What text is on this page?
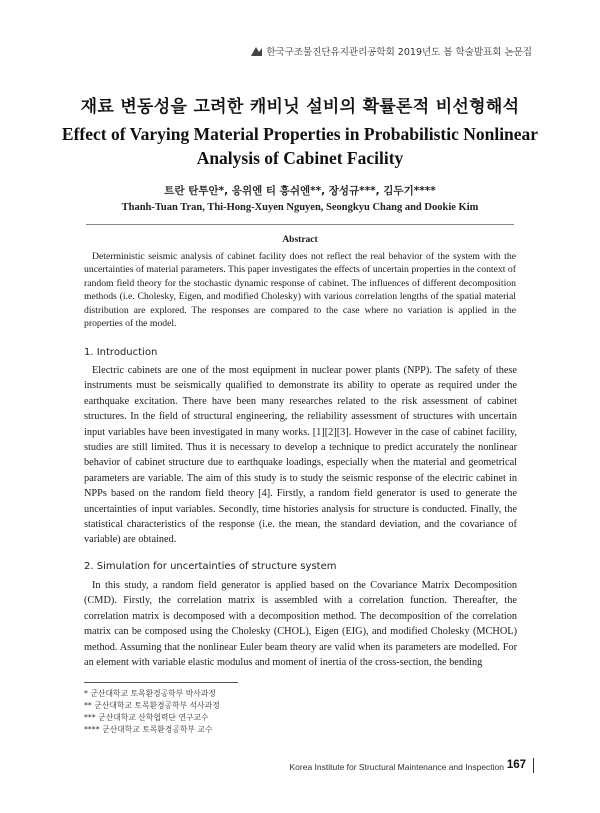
한국구조물진단유지관리공학회 2019년도 봄 학술발표회 논문집
재료 변동성을 고려한 캐비닛 설비의 확률론적 비선형해석
Effect of Varying Material Properties in Probabilistic Nonlinear Analysis of Cabinet Facility
트란 탄투안*, 응위엔 티 흥쉬엔**, 장성규***, 김두기****
Thanh-Tuan Tran, Thi-Hong-Xuyen Nguyen, Seongkyu Chang and Dookie Kim
Abstract
Deterministic seismic analysis of cabinet facility does not reflect the real behavior of the system with the uncertainties of material parameters. This paper investigates the effects of uncertain properties in the context of random field theory for the stochastic dynamic response of cabinet. The influences of different decomposition methods (i.e. Cholesky, Eigen, and modified Cholesky) with various correlation lengths of the spatial material distribution are explored. The responses are compared to the case where no variation is applied in the properties of the model.
1. Introduction
Electric cabinets are one of the most equipment in nuclear power plants (NPP). The safety of these instruments must be seismically qualified to demonstrate its ability to operate as required under the earthquake excitation. There have been many researches related to the risk assessment of cabinet structures. In the field of structural engineering, the reliability assessment of structures with uncertain input variables have been investigated in many works. [1][2][3]. However in the case of cabinet facility, studies are still limited. Thus it is necessary to develop a technique to predict accurately the nonlinear behavior of cabinet structure due to earthquake loadings, especially when the material and geometrical parameters are variable. The aim of this study is to study the seismic response of the electric cabinet in NPPs based on the random field theory [4]. Firstly, a random field generator is used to generate the uncertainties of input variables. Secondly, time histories analysis for structure is conducted. Finally, the statistical characteristics of the response (i.e. the mean, the standard deviation, and the covariance of variable) are obtained.
2. Simulation for uncertainties of structure system
In this study, a random field generator is applied based on the Covariance Matrix Decomposition (CMD). Firstly, the correlation matrix is assembled with a correlation function. Thereafter, the correlation matrix is decomposed with a decomposition method. The decomposition of the correlation matrix can be composed using the Cholesky (CHOL), Eigen (EIG), and modified Cholesky (MCHOL) method. Assuming that the nonlinear Euler beam theory are valid when its parameters are modelled. For an element with variable elastic modulus and moment of inertia of the cross-section, the bending
* 군산대학교 토목환경공학부 박사과정
** 군산대학교 토목환경공학부 석사과정
*** 군산대학교 산학협력단 연구교수
**** 군산대학교 토목환경공학부 교수
Korea Institute for Structural Maintenance and Inspection 167
